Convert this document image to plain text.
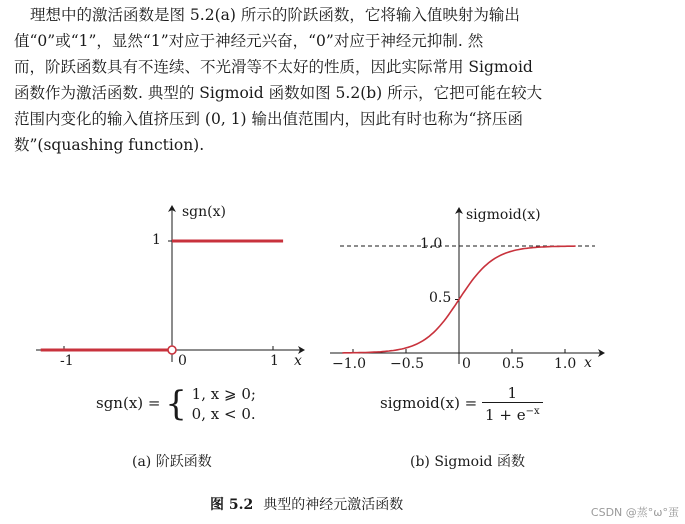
理想中的激活函数是图 5.2(a) 所示的阶跃函数，它将输入值映射为输出
值“0”或“1”，显然“1”对应于神经元兴奋，“0”对应于神经元抑制. 然
而，阶跃函数具有不连续、不光滑等不太好的性质，因此实际常用 Sigmoid
函数作为激活函数. 典型的 Sigmoid 函数如图 5.2(b) 所示，它把可能在较大
范围内变化的输入值挤压到 (0, 1) 输出值范围内，因此有时也称为“挤压函
数”(squashing function).
sgn(x)
1
-1	0	1 x
sgn(x) = { 1, x ⩾ 0;
0, x < 0.
(a) 阶跃函数
sigmoid(x)
1.0
0.5
−1.0 −0.5	0 0.5 1.0 x
sigmoid(x) = $\frac{1}{1 + e^{-x}}$
(b) Sigmoid 函数
图 5.2 典型的神经元激活函数	CSDN @蒸°ω°蛋
